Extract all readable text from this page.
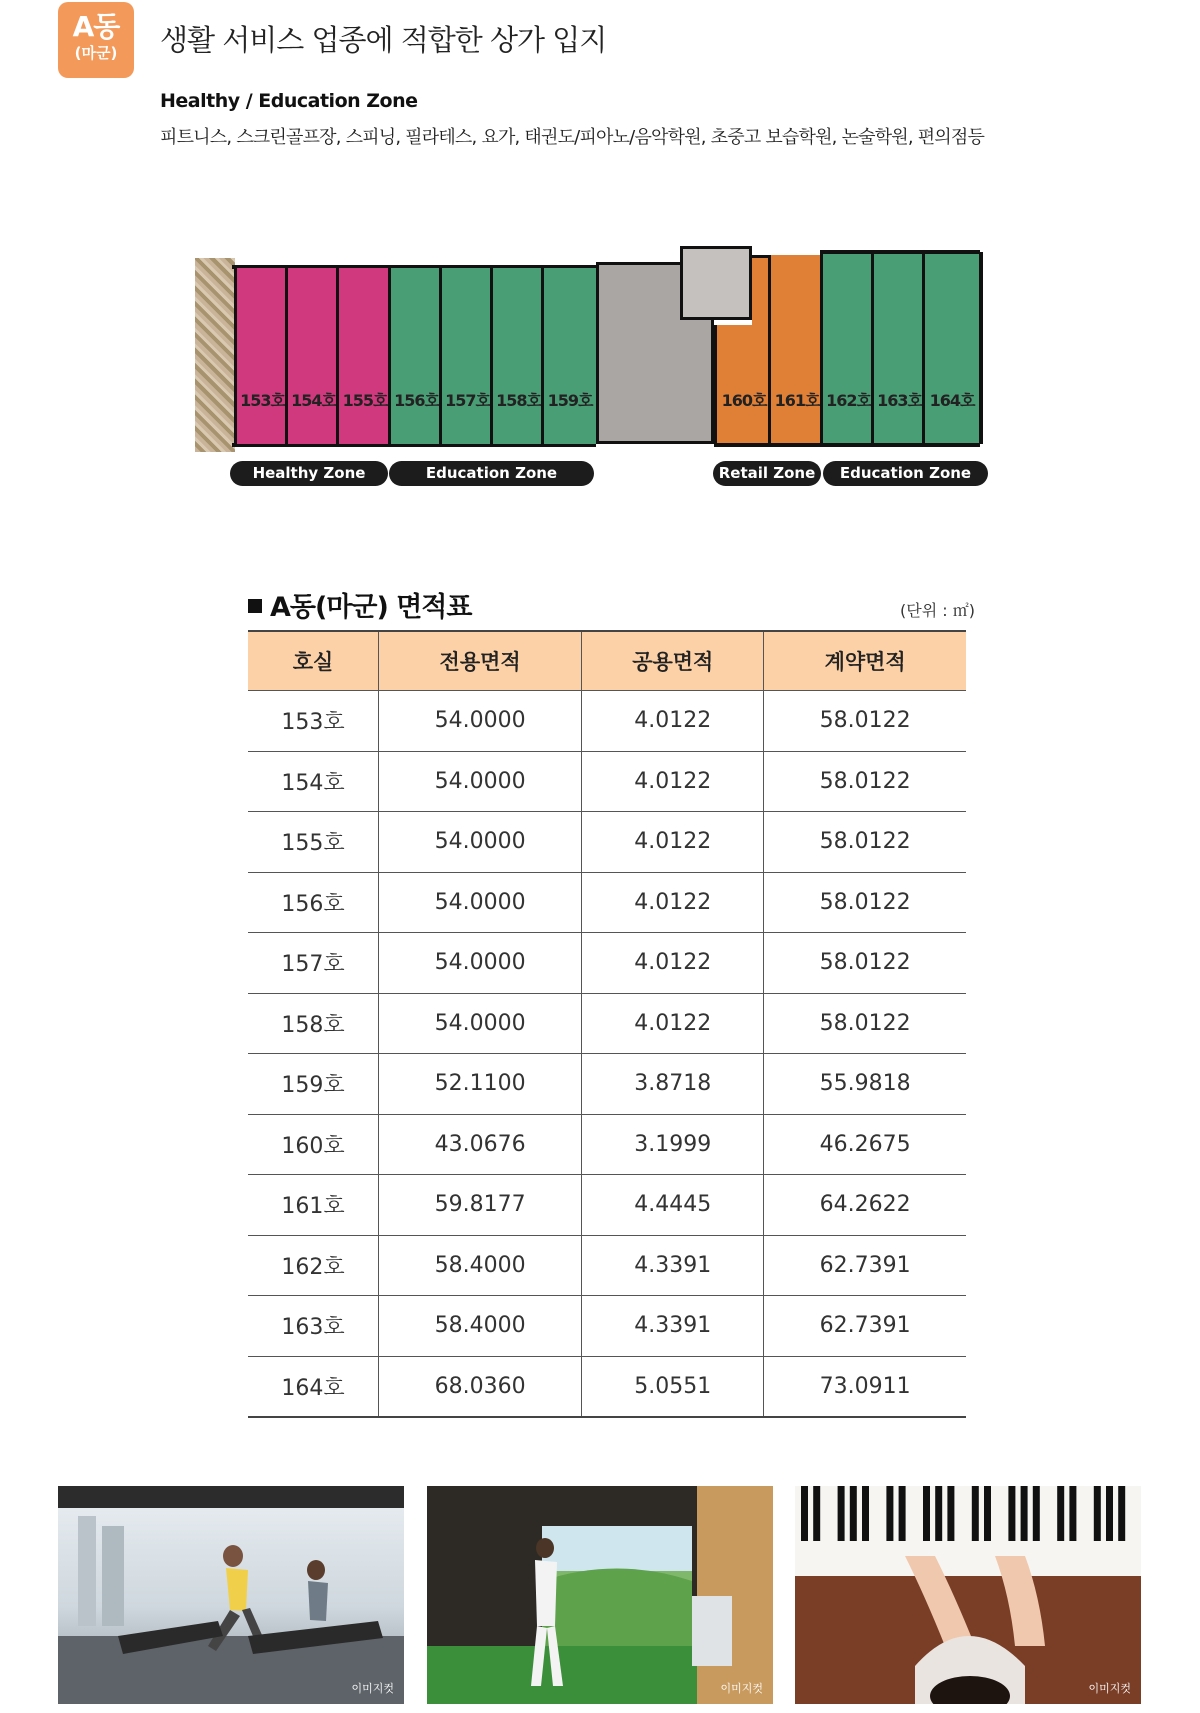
A동
(마군)	생활 서비스 업종에 적합한 상가 입지
Healthy / Education Zone
피트니스, 스크린골프장, 스피닝, 필라테스, 요가, 태권도/피아노/음악학원, 초중고 보습학원, 논술학원, 편의점등
153호 154호 155호 156호 157호 158호 159호	160호 161호 162호 163호 164호
Healthy Zone	Education Zone	Retail Zone	Education Zone
A동(마군) 면적표	(단위 : ㎡)
호실	전용면적	공용면적	계약면적
153호	54.0000	4.0122	58.0122
154호	54.0000	4.0122	58.0122
155호	54.0000	4.0122	58.0122
156호	54.0000	4.0122	58.0122
157호	54.0000	4.0122	58.0122
158호	54.0000	4.0122	58.0122
159호	52.1100	3.8718	55.9818
160호	43.0676	3.1999	46.2675
161호	59.8177	4.4445	64.2622
162호	58.4000	4.3391	62.7391
163호	58.4000	4.3391	62.7391
164호	68.0360	5.0551	73.0911
이미지컷	이미지컷	이미지컷
